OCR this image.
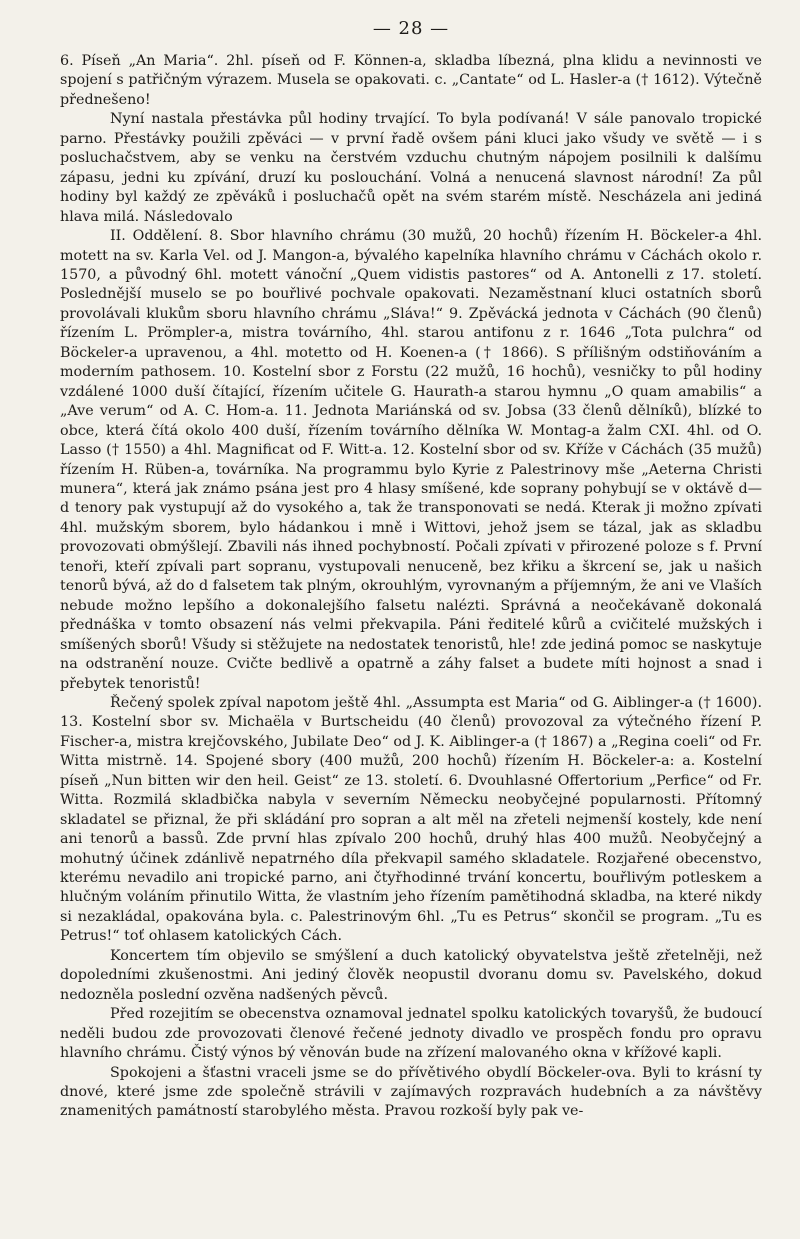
— 28 —

6. Píseň „An Maria“. 2hl. píseň od F. Können-a, skladba líbezná, plna klidu a nevinnosti ve spojení s patřičným výrazem. Musela se opakovati. c. „Cantate“ od L. Hasler-a († 1612). Výtečně přednešeno!

Nyní nastala přestávka půl hodiny trvající. To byla podívaná! V sále panovalo tropické parno. Přestávky použili zpěváci — v první řadě ovšem páni kluci jako všudy ve světě — i s posluchačstvem, aby se venku na čerstvém vzduchu chutným nápojem posilnili k dalšímu zápasu, jedni ku zpívání, druzí ku poslouchání. Volná a nenucená slavnost národní! Za půl hodiny byl každý ze zpěváků i posluchačů opět na svém starém místě. Nescházela ani jediná hlava milá. Následovalo

II. Oddělení. 8. Sbor hlavního chrámu (30 mužů, 20 hochů) řízením H. Böckeler-a 4hl. motett na sv. Karla Vel. od J. Mangon-a, bývalého kapelníka hlavního chrámu v Cáchách okolo r. 1570, a původný 6hl. motett vánoční „Quem vidistis pastores“ od A. Antonelli z 17. století. Poslednější muselo se po bouřlivé pochvale opakovati. Nezaměstnaní kluci ostatních sborů provolávali klukům sboru hlavního chrámu „Sláva!“ 9. Zpěvácká jednota v Cáchách (90 členů) řízením L. Prömpler-a, mistra továrního, 4hl. starou antifonu z r. 1646 „Tota pulchra“ od Böckeler-a upravenou, a 4hl. motetto od H. Koenen-a († 1866). S přílišným odstiňováním a moderním pathosem. 10. Kostelní sbor z Forstu (22 mužů, 16 hochů), vesničky to půl hodiny vzdálené 1000 duší čítající, řízením učitele G. Haurath-a starou hymnu „O quam amabilis“ a „Ave verum“ od A. C. Hom-a. 11. Jednota Mariánská od sv. Jobsa (33 členů dělníků), blízké to obce, která čítá okolo 400 duší, řízením továrního dělníka W. Montag-a žalm CXI. 4hl. od O. Lasso († 1550) a 4hl. Magnificat od F. Witt-a. 12. Kostelní sbor od sv. Kříže v Cáchách (35 mužů) řízením H. Rüben-a, továrníka. Na programmu bylo Kyrie z Palestrinovy mše „Aeterna Christi munera“, která jak známo psána jest pro 4 hlasy smíšené, kde soprany pohybují se v oktávě d—d tenory pak vystupují až do vysokého a, tak že transponovati se nedá. Kterak ji možno zpívati 4hl. mužským sborem, bylo hádankou i mně i Wittovi, jehož jsem se tázal, jak as skladbu provozovati obmýšlejí. Zbavili nás ihned pochybností. Počali zpívati v přirozené poloze s f. První tenoři, kteří zpívali part sopranu, vystupovali nenuceně, bez křiku a škrcení se, jak u našich tenorů bývá, až do d falsetem tak plným, okrouhlým, vyrovnaným a příjemným, že ani ve Vlaších nebude možno lepšího a dokonalejšího falsetu nalézti. Správná a neočekávaně dokonalá přednáška v tomto obsazení nás velmi překvapila. Páni ředitelé kůrů a cvičitelé mužských i smíšených sborů! Všudy si stěžujete na nedostatek tenoristů, hle! zde jediná pomoc se naskytuje na odstranění nouze. Cvičte bedlivě a opatrně a záhy falset a budete míti hojnost a snad i přebytek tenoristů!

Řečený spolek zpíval napotom ještě 4hl. „Assumpta est Maria“ od G. Aiblinger-a († 1600). 13. Kostelní sbor sv. Michaëla v Burtscheidu (40 členů) provozoval za výtečného řízení P. Fischer-a, mistra krejčovského, Jubilate Deo“ od J. K. Aiblinger-a († 1867) a „Regina coeli“ od Fr. Witta mistrně. 14. Spojené sbory (400 mužů, 200 hochů) řízením H. Böckeler-a: a. Kostelní píseň „Nun bitten wir den heil. Geist“ ze 13. století. 6. Dvouhlasné Offertorium „Perfice“ od Fr. Witta. Rozmilá skladbička nabyla v severním Německu neobyčejné popularnosti. Přítomný skladatel se přiznal, že při skládání pro sopran a alt měl na zřeteli nejmenší kostely, kde není ani tenorů a bassů. Zde první hlas zpívalo 200 hochů, druhý hlas 400 mužů. Neobyčejný a mohutný účinek zdánlivě nepatrného díla překvapil samého skladatele. Rozjařené obecenstvo, kterému nevadilo ani tropické parno, ani čtyřhodinné trvání koncertu, bouřlivým potleskem a hlučným voláním přinutilo Witta, že vlastním jeho řízením pamětihodná skladba, na které nikdy si nezakládal, opakována byla. c. Palestrinovým 6hl. „Tu es Petrus“ skončil se program. „Tu es Petrus!“ toť ohlasem katolických Cách.

Koncertem tím objevilo se smýšlení a duch katolický obyvatelstva ještě zřetelněji, než dopoledními zkušenostmi. Ani jediný člověk neopustil dvoranu domu sv. Pavelského, dokud nedozněla poslední ozvěna nadšených pěvců.

Před rozejitím se obecenstva oznamoval jednatel spolku katolických tovaryšů, že budoucí neděli budou zde provozovati členové řečené jednoty divadlo ve prospěch fondu pro opravu hlavního chrámu. Čistý výnos bý věnován bude na zřízení malovaného okna v křížové kapli.

Spokojeni a šťastni vraceli jsme se do přívětivého obydlí Böckeler-ova. Byli to krásní ty dnové, které jsme zde společně strávili v zajímavých rozpravách hudebních a za návštěvy znamenitých památností starobylého města. Pravou rozkoší byly pak ve-
